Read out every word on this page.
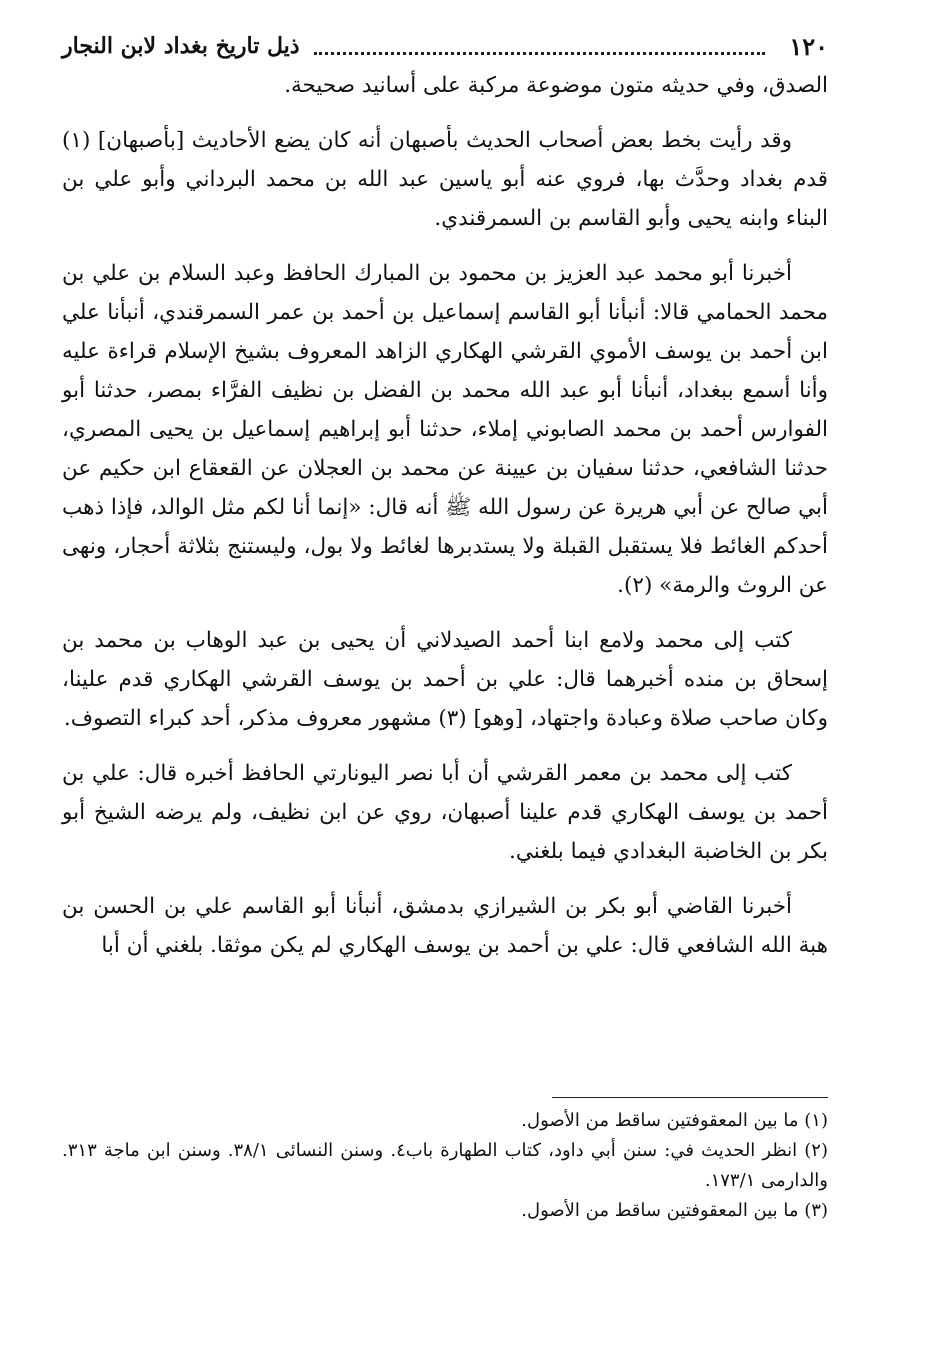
١٢٠
ذيل تاريخ بغداد لابن النجار

الصدق، وفي حديثه متون موضوعة مركبة على أسانيد صحيحة.

وقد رأيت بخط بعض أصحاب الحديث بأصبهان أنه كان يضع الأحاديث [بأصبهان] (١) قدم بغداد وحدَّث بها، فروي عنه أبو ياسين عبد الله بن محمد البرداني وأبو علي بن البناء وابنه يحيى وأبو القاسم بن السمرقندي.

أخبرنا أبو محمد عبد العزيز بن محمود بن المبارك الحافظ وعبد السلام بن علي بن محمد الحمامي قالا: أنبأنا أبو القاسم إسماعيل بن أحمد بن عمر السمرقندي، أنبأنا علي ابن أحمد بن يوسف الأموي القرشي الهكاري الزاهد المعروف بشيخ الإسلام قراءة عليه وأنا أسمع ببغداد، أنبأنا أبو عبد الله محمد بن الفضل بن نظيف الفرَّاء بمصر، حدثنا أبو الفوارس أحمد بن محمد الصابوني إملاء، حدثنا أبو إبراهيم إسماعيل بن يحيى المصري، حدثنا الشافعي، حدثنا سفيان بن عيينة عن محمد بن العجلان عن القعقاع ابن حكيم عن أبي صالح عن أبي هريرة عن رسول الله ﷺ أنه قال: «إنما أنا لكم مثل الوالد، فإذا ذهب أحدكم الغائط فلا يستقبل القبلة ولا يستدبرها لغائط ولا بول، وليستنج بثلاثة أحجار، ونهى عن الروث والرمة» (٢).

كتب إلى محمد ولامع ابنا أحمد الصيدلاني أن يحيى بن عبد الوهاب بن محمد بن إسحاق بن منده أخبرهما قال: علي بن أحمد بن يوسف القرشي الهكاري قدم علينا، وكان صاحب صلاة وعبادة واجتهاد، [وهو] (٣) مشهور معروف مذكر، أحد كبراء التصوف.

كتب إلى محمد بن معمر القرشي أن أبا نصر اليونارتي الحافظ أخبره قال: علي بن أحمد بن يوسف الهكاري قدم علينا أصبهان، روي عن ابن نظيف، ولم يرضه الشيخ أبو بكر بن الخاضبة البغدادي فيما بلغني.

أخبرنا القاضي أبو بكر بن الشيرازي بدمشق، أنبأنا أبو القاسم علي بن الحسن بن هبة الله الشافعي قال: علي بن أحمد بن يوسف الهكاري لم يكن موثقا. بلغني أن أبا

(١) ما بين المعقوفتين ساقط من الأصول.

(٢) انظر الحديث في: سنن أبي داود، كتاب الطهارة باب٤. وسنن النسائى ٣٨/١. وسنن ابن ماجة ٣١٣. والدارمى ١٧٣/١.

(٣) ما بين المعقوفتين ساقط من الأصول.
